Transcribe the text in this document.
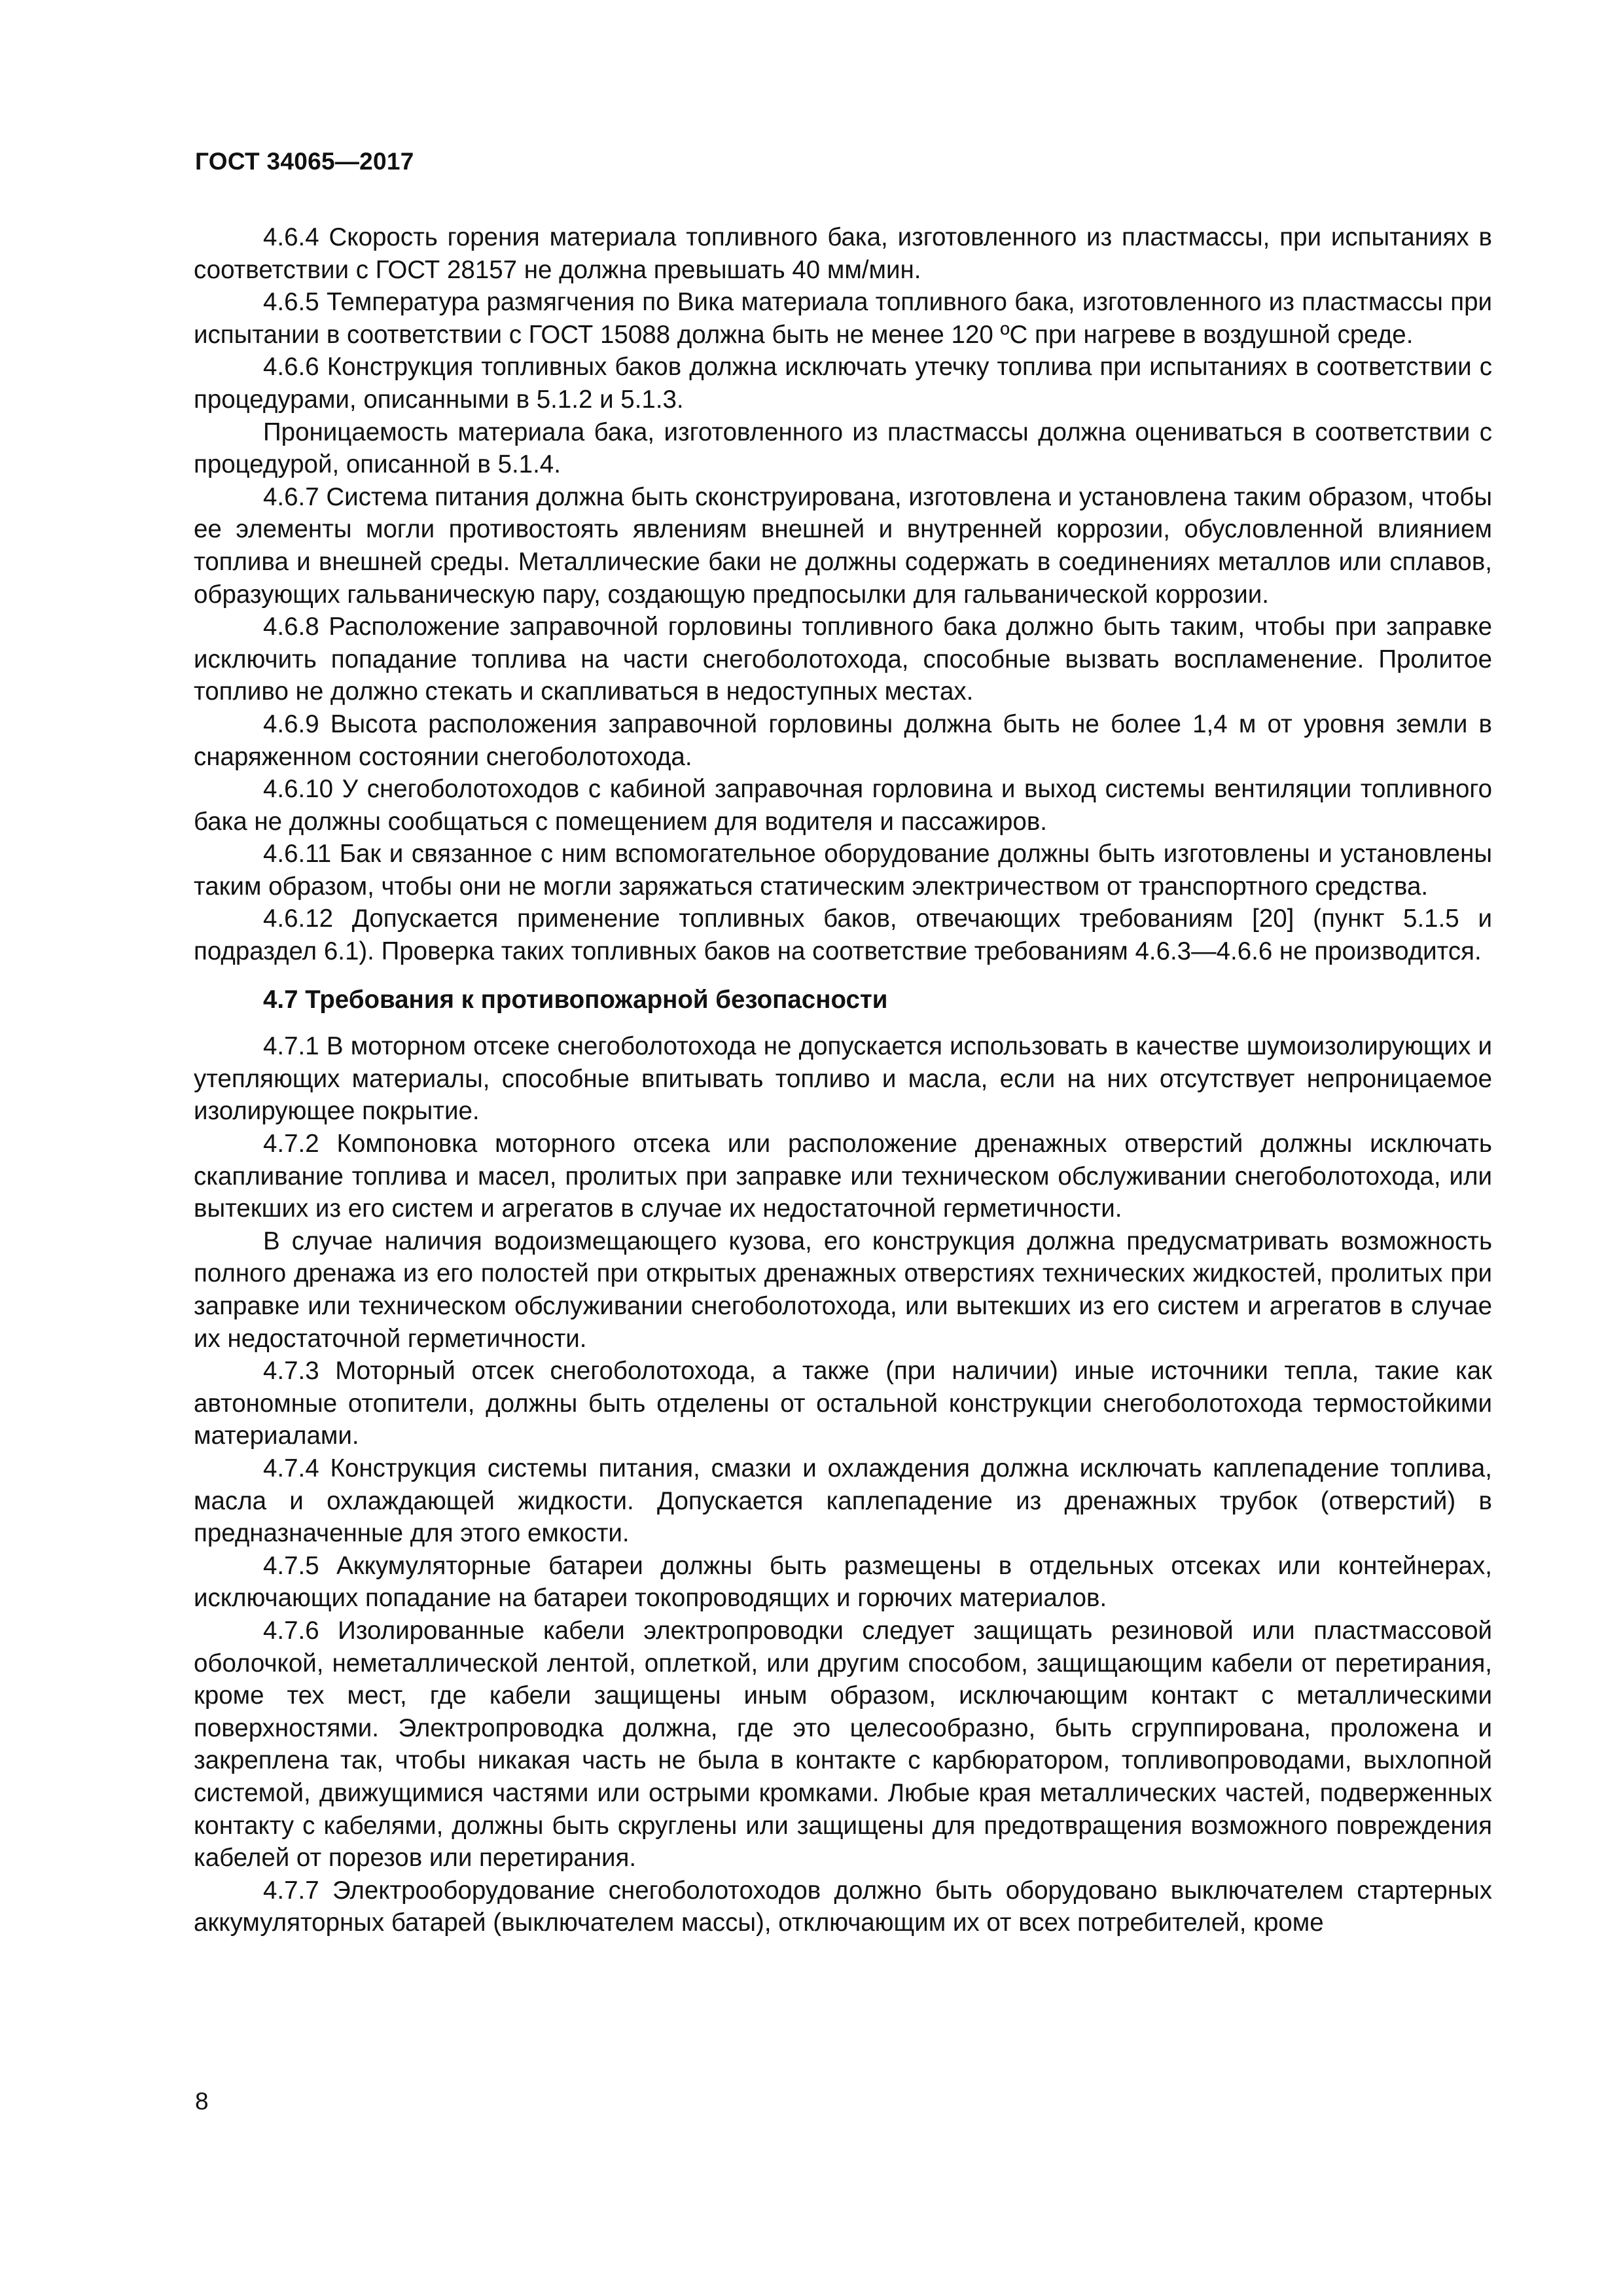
ГОСТ 34065—2017

4.6.4 Скорость горения материала топливного бака, изготовленного из пластмассы, при испытаниях в соответствии с ГОСТ 28157 не должна превышать 40 мм/мин.

4.6.5 Температура размягчения по Вика материала топливного бака, изготовленного из пластмассы при испытании в соответствии с ГОСТ 15088 должна быть не менее 120 ºС при нагреве в воздушной среде.

4.6.6 Конструкция топливных баков должна исключать утечку топлива при испытаниях в соответствии с процедурами, описанными в 5.1.2 и 5.1.3.

Проницаемость материала бака, изготовленного из пластмассы должна оцениваться в соответствии с процедурой, описанной в 5.1.4.

4.6.7 Система питания должна быть сконструирована, изготовлена и установлена таким образом, чтобы ее элементы могли противостоять явлениям внешней и внутренней коррозии, обусловленной влиянием топлива и внешней среды. Металлические баки не должны содержать в соединениях металлов или сплавов, образующих гальваническую пару, создающую предпосылки для гальванической коррозии.

4.6.8 Расположение заправочной горловины топливного бака должно быть таким, чтобы при заправке исключить попадание топлива на части снегоболотохода, способные вызвать воспламенение. Пролитое топливо не должно стекать и скапливаться в недоступных местах.

4.6.9 Высота расположения заправочной горловины должна быть не более 1,4 м от уровня земли в снаряженном состоянии снегоболотохода.

4.6.10 У снегоболотоходов с кабиной заправочная горловина и выход системы вентиляции топливного бака не должны сообщаться с помещением для водителя и пассажиров.

4.6.11 Бак и связанное с ним вспомогательное оборудование должны быть изготовлены и установлены таким образом, чтобы они не могли заряжаться статическим электричеством от транспортного средства.

4.6.12 Допускается применение топливных баков, отвечающих требованиям [20] (пункт 5.1.5 и подраздел 6.1). Проверка таких топливных баков на соответствие требованиям 4.6.3—4.6.6 не производится.

4.7 Требования к противопожарной безопасности

4.7.1 В моторном отсеке снегоболотохода не допускается использовать в качестве шумоизолирующих и утепляющих материалы, способные впитывать топливо и масла, если на них отсутствует непроницаемое изолирующее покрытие.

4.7.2 Компоновка моторного отсека или расположение дренажных отверстий должны исключать скапливание топлива и масел, пролитых при заправке или техническом обслуживании снегоболотохода, или вытекших из его систем и агрегатов в случае их недостаточной герметичности.

В случае наличия водоизмещающего кузова, его конструкция должна предусматривать возможность полного дренажа из его полостей при открытых дренажных отверстиях технических жидкостей, пролитых при заправке или техническом обслуживании снегоболотохода, или вытекших из его систем и агрегатов в случае их недостаточной герметичности.

4.7.3 Моторный отсек снегоболотохода, а также (при наличии) иные источники тепла, такие как автономные отопители, должны быть отделены от остальной конструкции снегоболотохода термостойкими материалами.

4.7.4 Конструкция системы питания, смазки и охлаждения должна исключать каплепадение топлива, масла и охлаждающей жидкости. Допускается каплепадение из дренажных трубок (отверстий) в предназначенные для этого емкости.

4.7.5 Аккумуляторные батареи должны быть размещены в отдельных отсеках или контейнерах, исключающих попадание на батареи токопроводящих и горючих материалов.

4.7.6 Изолированные кабели электропроводки следует защищать резиновой или пластмассовой оболочкой, неметаллической лентой, оплеткой, или другим способом, защищающим кабели от перетирания, кроме тех мест, где кабели защищены иным образом, исключающим контакт с металлическими поверхностями. Электропроводка должна, где это целесообразно, быть сгруппирована, проложена и закреплена так, чтобы никакая часть не была в контакте с карбюратором, топливопроводами, выхлопной системой, движущимися частями или острыми кромками. Любые края металлических частей, подверженных контакту с кабелями, должны быть скруглены или защищены для предотвращения возможного повреждения кабелей от порезов или перетирания.

4.7.7 Электрооборудование снегоболотоходов должно быть оборудовано выключателем стартерных аккумуляторных батарей (выключателем массы), отключающим их от всех потребителей, кроме

8
